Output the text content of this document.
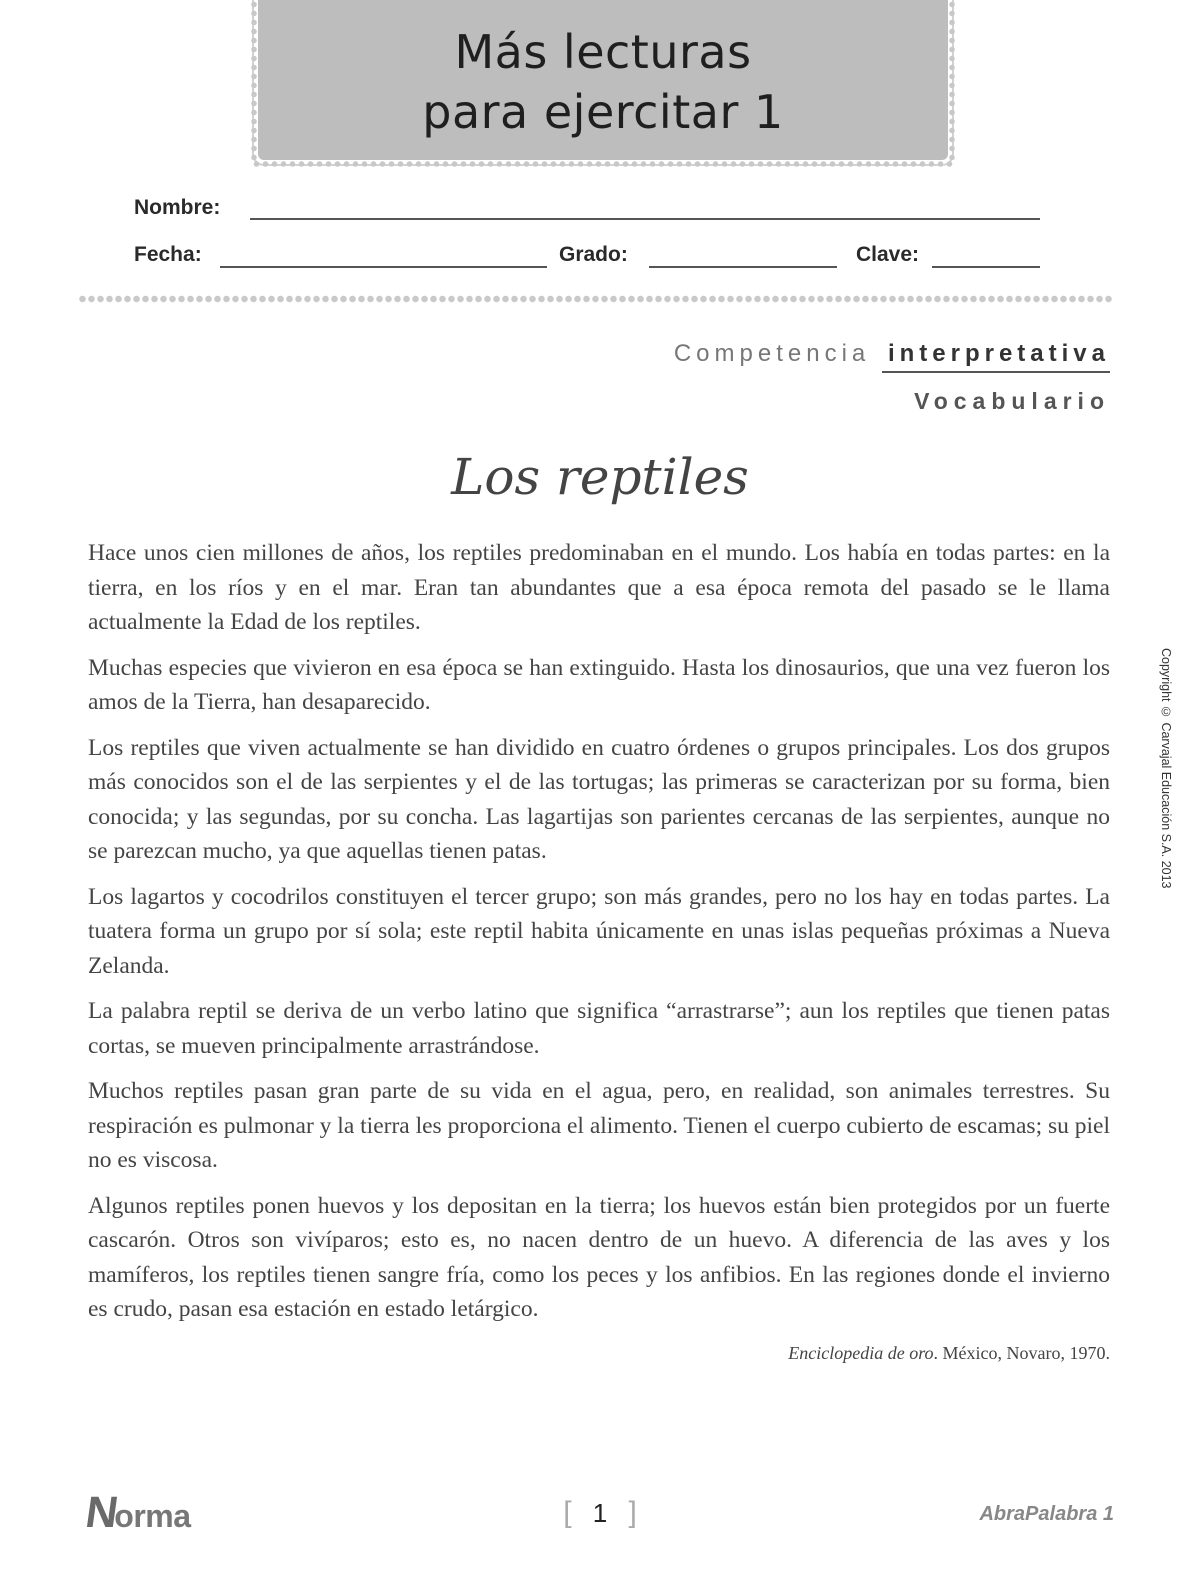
Más lecturas
para ejercitar 1
Nombre:
Fecha:	Grado:	Clave:
Competencia interpretativa
Vocabulario
Los reptiles

Hace unos cien millones de años, los reptiles predominaban en el mundo. Los había en todas partes: en la tierra, en los ríos y en el mar. Eran tan abundantes que a esa época remota del pasado se le llama actualmente la Edad de los reptiles.

Muchas especies que vivieron en esa época se han extinguido. Hasta los dinosaurios, que una vez fueron los amos de la Tierra, han desaparecido.

Los reptiles que viven actualmente se han dividido en cuatro órdenes o grupos principales. Los dos grupos más conocidos son el de las serpientes y el de las tortugas; las primeras se caracterizan por su forma, bien conocida; y las segundas, por su concha. Las lagartijas son parientes cercanas de las serpientes, aunque no se parezcan mucho, ya que aquellas tienen patas.

Los lagartos y cocodrilos constituyen el tercer grupo; son más grandes, pero no los hay en todas partes. La tuatera forma un grupo por sí sola; este reptil habita únicamente en unas islas pequeñas próximas a Nueva Zelanda.

La palabra reptil se deriva de un verbo latino que significa “arrastrarse”; aun los reptiles que tienen patas cortas, se mueven principalmente arrastrándose.

Muchos reptiles pasan gran parte de su vida en el agua, pero, en realidad, son animales terrestres. Su respiración es pulmonar y la tierra les proporciona el alimento. Tienen el cuerpo cubierto de escamas; su piel no es viscosa.

Algunos reptiles ponen huevos y los depositan en la tierra; los huevos están bien protegidos por un fuerte cascarón. Otros son vivíparos; esto es, no nacen dentro de un huevo. A diferencia de las aves y los mamíferos, los reptiles tienen sangre fría, como los peces y los anfibios. En las regiones donde el invierno es crudo, pasan esa estación en estado letárgico.

Enciclopedia de oro. México, Novaro, 1970.
Copyright © Carvajal Educación S.A. 2013
Norma	[ 1 ]	AbraPalabra 1
